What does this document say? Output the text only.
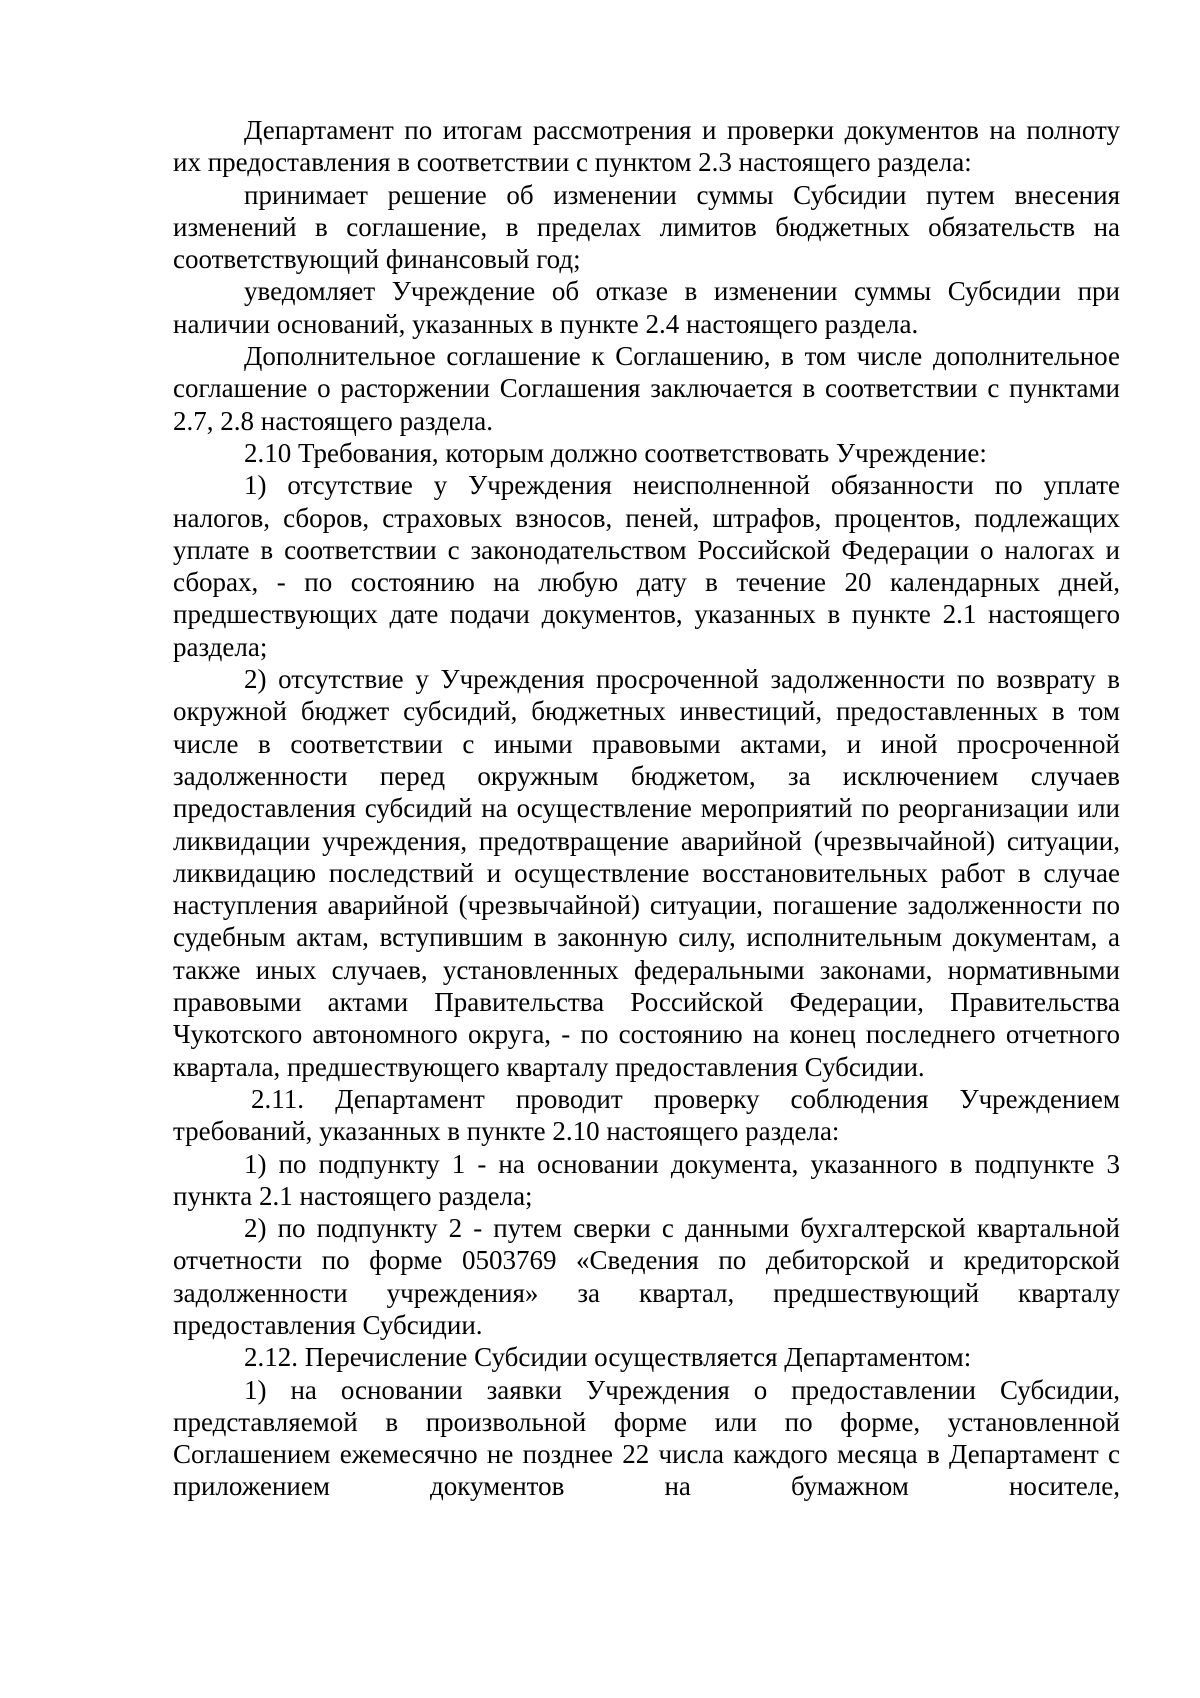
Департамент по итогам рассмотрения и проверки документов на полноту их предоставления в соответствии с пунктом 2.3 настоящего раздела:

принимает решение об изменении суммы Субсидии путем внесения изменений в соглашение, в пределах лимитов бюджетных обязательств на соответствующий финансовый год;

уведомляет Учреждение об отказе в изменении суммы Субсидии при наличии оснований, указанных в пункте 2.4 настоящего раздела.

Дополнительное соглашение к Соглашению, в том числе дополнительное соглашение о расторжении Соглашения заключается в соответствии с пунктами 2.7, 2.8 настоящего раздела.

2.10 Требования, которым должно соответствовать Учреждение:

1) отсутствие у Учреждения неисполненной обязанности по уплате налогов, сборов, страховых взносов, пеней, штрафов, процентов, подлежащих уплате в соответствии с законодательством Российской Федерации о налогах и сборах, - по состоянию на любую дату в течение 20 календарных дней, предшествующих дате подачи документов, указанных в пункте 2.1 настоящего раздела;

2) отсутствие у Учреждения просроченной задолженности по возврату в окружной бюджет субсидий, бюджетных инвестиций, предоставленных в том числе в соответствии с иными правовыми актами, и иной просроченной задолженности перед окружным бюджетом, за исключением случаев предоставления субсидий на осуществление мероприятий по реорганизации или ликвидации учреждения, предотвращение аварийной (чрезвычайной) ситуации, ликвидацию последствий и осуществление восстановительных работ в случае наступления аварийной (чрезвычайной) ситуации, погашение задолженности по судебным актам, вступившим в законную силу, исполнительным документам, а также иных случаев, установленных федеральными законами, нормативными правовыми актами Правительства Российской Федерации, Правительства Чукотского автономного округа, - по состоянию на конец последнего отчетного квартала, предшествующего кварталу предоставления Субсидии.

2.11. Департамент проводит проверку соблюдения Учреждением требований, указанных в пункте 2.10 настоящего раздела:

1) по подпункту 1 - на основании документа, указанного в подпункте 3 пункта 2.1 настоящего раздела;

2) по подпункту 2 - путем сверки с данными бухгалтерской квартальной отчетности по форме 0503769 «Сведения по дебиторской и кредиторской задолженности учреждения» за квартал, предшествующий кварталу предоставления Субсидии.

2.12. Перечисление Субсидии осуществляется Департаментом:

1) на основании заявки Учреждения о предоставлении Субсидии, представляемой в произвольной форме или по форме, установленной Соглашением ежемесячно не позднее 22 числа каждого месяца в Департамент с приложением документов на бумажном носителе,
